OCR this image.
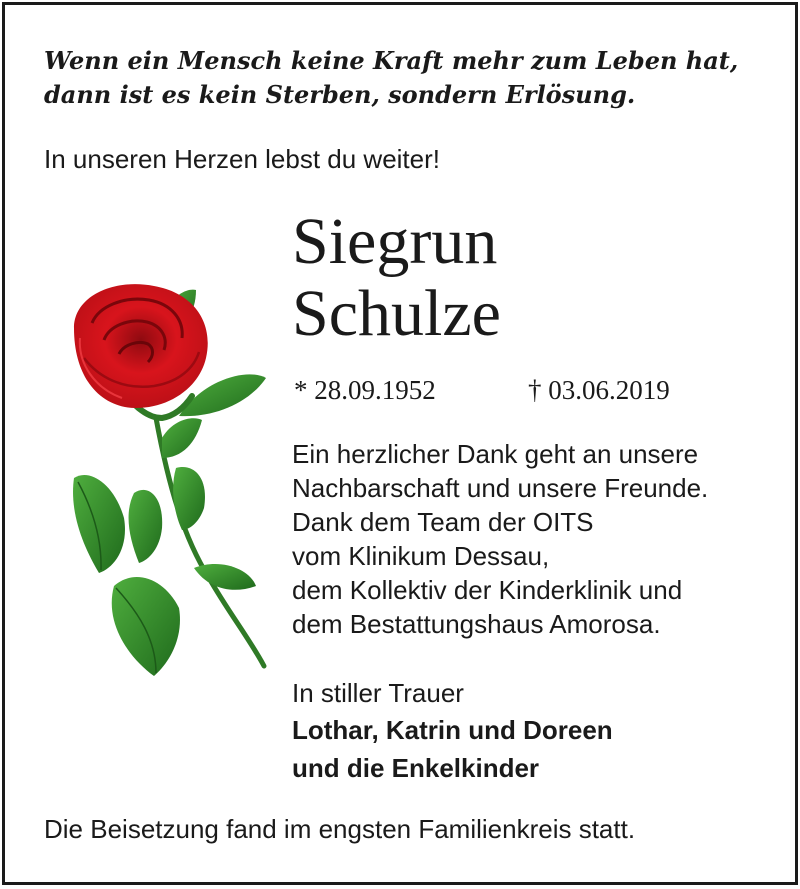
Wenn ein Mensch keine Kraft mehr zum Leben hat,
dann ist es kein Sterben, sondern Erlösung.
In unseren Herzen lebst du weiter!
Siegrun
Schulze
* 28.09.1952	† 03.06.2019
Ein herzlicher Dank geht an unsere
Nachbarschaft und unsere Freunde.
Dank dem Team der OITS
vom Klinikum Dessau,
dem Kollektiv der Kinderklinik und
dem Bestattungshaus Amorosa.
In stiller Trauer
Lothar, Katrin und Doreen
und die Enkelkinder
Die Beisetzung fand im engsten Familienkreis statt.
